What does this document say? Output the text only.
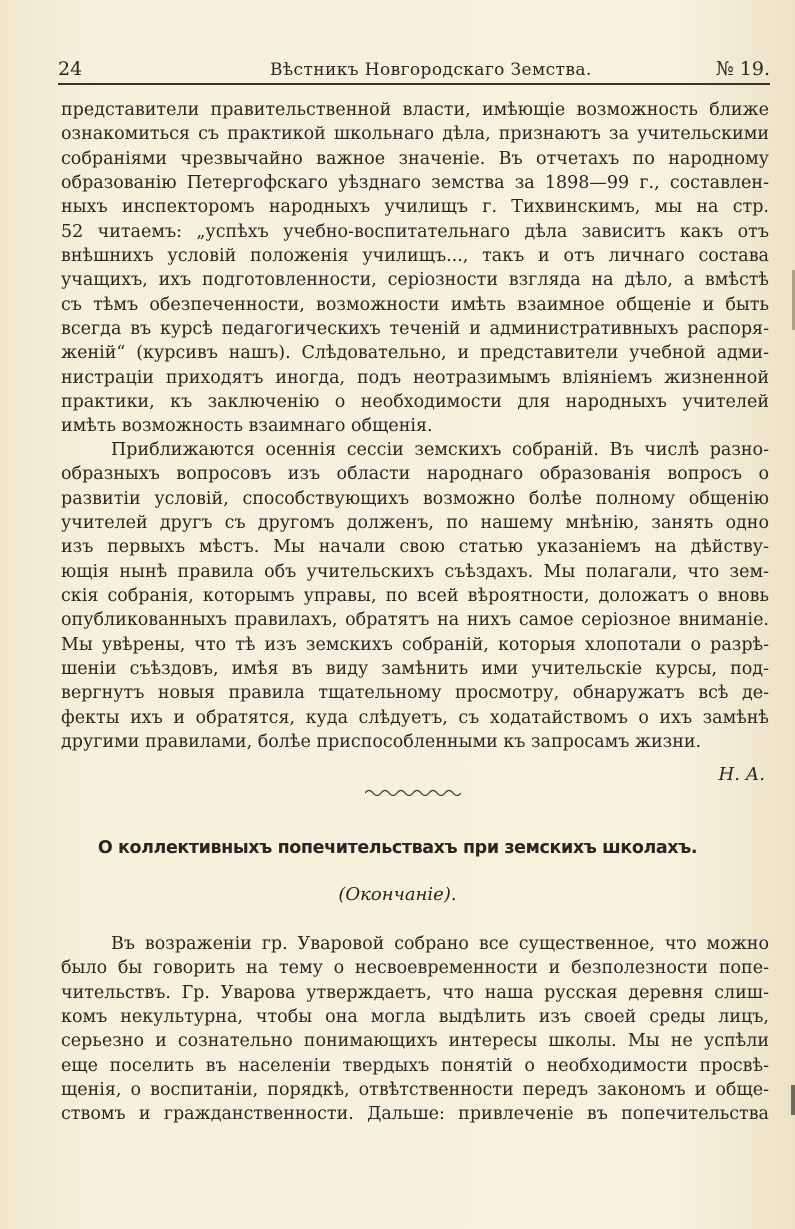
24	Вѣстникъ Новгородскаго Земства.	№ 19.
представители правительственной власти, имѣющіе возможность ближе
ознакомиться съ практикой школьнаго дѣла, признаютъ за учительскими
собраніями чрезвычайно важное значеніе. Въ отчетахъ по народному
образованію Петергофскаго уѣзднаго земства за 1898—99 г., составлен-
ныхъ инспекторомъ народныхъ училищъ г. Тихвинскимъ, мы на стр.
52 читаемъ: „успѣхъ учебно-воспитательнаго дѣла зависитъ какъ отъ
внѣшнихъ условій положенія училищъ..., такъ и отъ личнаго состава
учащихъ, ихъ подготовленности, серіозности взгляда на дѣло, а вмѣстѣ
съ тѣмъ обезпеченности, возможности имѣть взаимное общеніе и быть
всегда въ курсѣ педагогическихъ теченій и административныхъ распоря-
женій“ (курсивъ нашъ). Слѣдовательно, и представители учебной адми-
нистраціи приходятъ иногда, подъ неотразимымъ вліяніемъ жизненной
практики, къ заключенію о необходимости для народныхъ учителей
имѣть возможность взаимнаго общенія.
Приближаются осеннія сессіи земскихъ собраній. Въ числѣ разно-
образныхъ вопросовъ изъ области народнаго образованія вопросъ о
развитіи условій, способствующихъ возможно болѣе полному общенію
учителей другъ съ другомъ долженъ, по нашему мнѣнію, занять одно
изъ первыхъ мѣстъ. Мы начали свою статью указаніемъ на дѣйству-
ющія нынѣ правила объ учительскихъ съѣздахъ. Мы полагали, что зем-
скія собранія, которымъ управы, по всей вѣроятности, доложатъ о вновь
опубликованныхъ правилахъ, обратятъ на нихъ самое серіозное вниманіе.
Мы увѣрены, что тѣ изъ земскихъ собраній, которыя хлопотали о разрѣ-
шеніи съѣздовъ, имѣя въ виду замѣнить ими учительскіе курсы, под-
вергнутъ новыя правила тщательному просмотру, обнаружатъ всѣ де-
фекты ихъ и обратятся, куда слѣдуетъ, съ ходатайствомъ о ихъ замѣнѣ
другими правилами, болѣе приспособленными къ запросамъ жизни.
Н. А.
О коллективныхъ попечительствахъ при земскихъ школахъ.
(Окончаніе).
Въ возраженіи гр. Уваровой собрано все существенное, что можно
было бы говорить на тему о несвоевременности и безполезности попе-
чительствъ. Гр. Уварова утверждаетъ, что наша русская деревня слиш-
комъ некультурна, чтобы она могла выдѣлить изъ своей среды лицъ,
серьезно и сознательно понимающихъ интересы школы. Мы не успѣли
еще поселить въ населеніи твердыхъ понятій о необходимости просвѣ-
щенія, о воспитаніи, порядкѣ, отвѣтственности передъ закономъ и обще-
ствомъ и гражданственности. Дальше: привлеченіе въ попечительства
